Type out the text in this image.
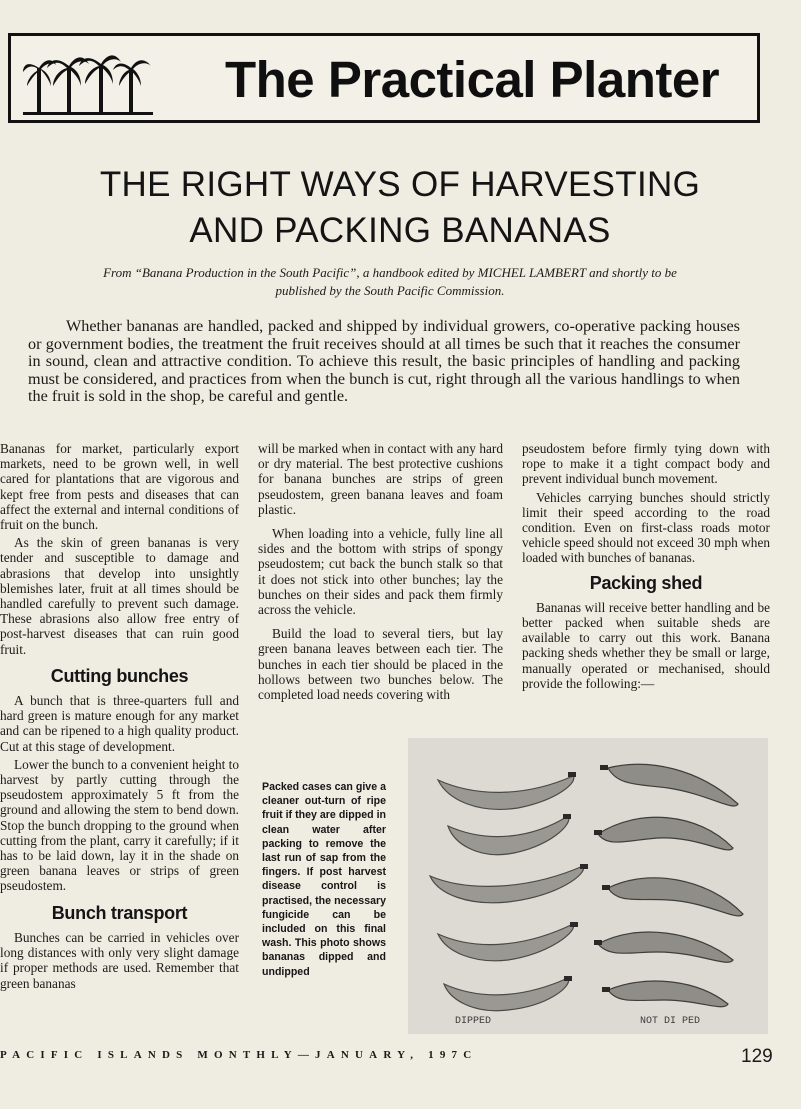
The Practical Planter
THE RIGHT WAYS OF HARVESTING
AND PACKING BANANAS
From “Banana Production in the South Pacific”, a handbook edited by MICHEL LAMBERT and shortly to be
published by the South Pacific Commission.
Whether bananas are handled, packed and shipped by individual growers, co-operative packing houses or government bodies, the treatment the fruit receives should at all times be such that it reaches the consumer in sound, clean and attractive condition. To achieve this result, the basic principles of handling and packing must be considered, and practices from when the bunch is cut, right through all the various handlings to when the fruit is sold in the shop, be careful and gentle.

Bananas for market, particularly export markets, need to be grown well, in well cared for plantations that are vigorous and kept free from pests and diseases that can affect the external and internal conditions of fruit on the bunch.

As the skin of green bananas is very tender and susceptible to damage and abrasions that develop into unsightly blemishes later, fruit at all times should be handled carefully to prevent such damage. These abrasions also allow free entry of post-harvest diseases that can ruin good fruit.

Cutting bunches

A bunch that is three-quarters full and hard green is mature enough for any market and can be ripened to a high quality product. Cut at this stage of development.

Lower the bunch to a convenient height to harvest by partly cutting through the pseudostem approximately 5 ft from the ground and allowing the stem to bend down. Stop the bunch dropping to the ground when cutting from the plant, carry it carefully; if it has to be laid down, lay it in the shade on green banana leaves or strips of green pseudostem.

Bunch transport

Bunches can be carried in vehicles over long distances with only very slight damage if proper methods are used. Remember that green bananas

will be marked when in contact with any hard or dry material. The best protective cushions for banana bunches are strips of green pseudostem, green banana leaves and foam plastic.

When loading into a vehicle, fully line all sides and the bottom with strips of spongy pseudostem; cut back the bunch stalk so that it does not stick into other bunches; lay the bunches on their sides and pack them firmly across the vehicle.

Build the load to several tiers, but lay green banana leaves between each tier. The bunches in each tier should be placed in the hollows between two bunches below. The completed load needs covering with

pseudostem before firmly tying down with rope to make it a tight compact body and prevent individual bunch movement.

Vehicles carrying bunches should strictly limit their speed according to the road condition. Even on first-class roads motor vehicle speed should not exceed 30 mph when loaded with bunches of bananas.

Packing shed

Bananas will receive better handling and be better packed when suitable sheds are available to carry out this work. Banana packing sheds whether they be small or large, manually operated or mechanised, should provide the following:—

Packed cases can give a cleaner out-turn of ripe fruit if they are dipped in clean water after packing to remove the last run of sap from the fingers. If post harvest disease control is practised, the necessary fungicide can be included on this final wash. This photo shows bananas dipped and undipped
DIPPED	NOT DI PED
PACIFIC ISLANDS MONTHLY—JANUARY, 197C	129
